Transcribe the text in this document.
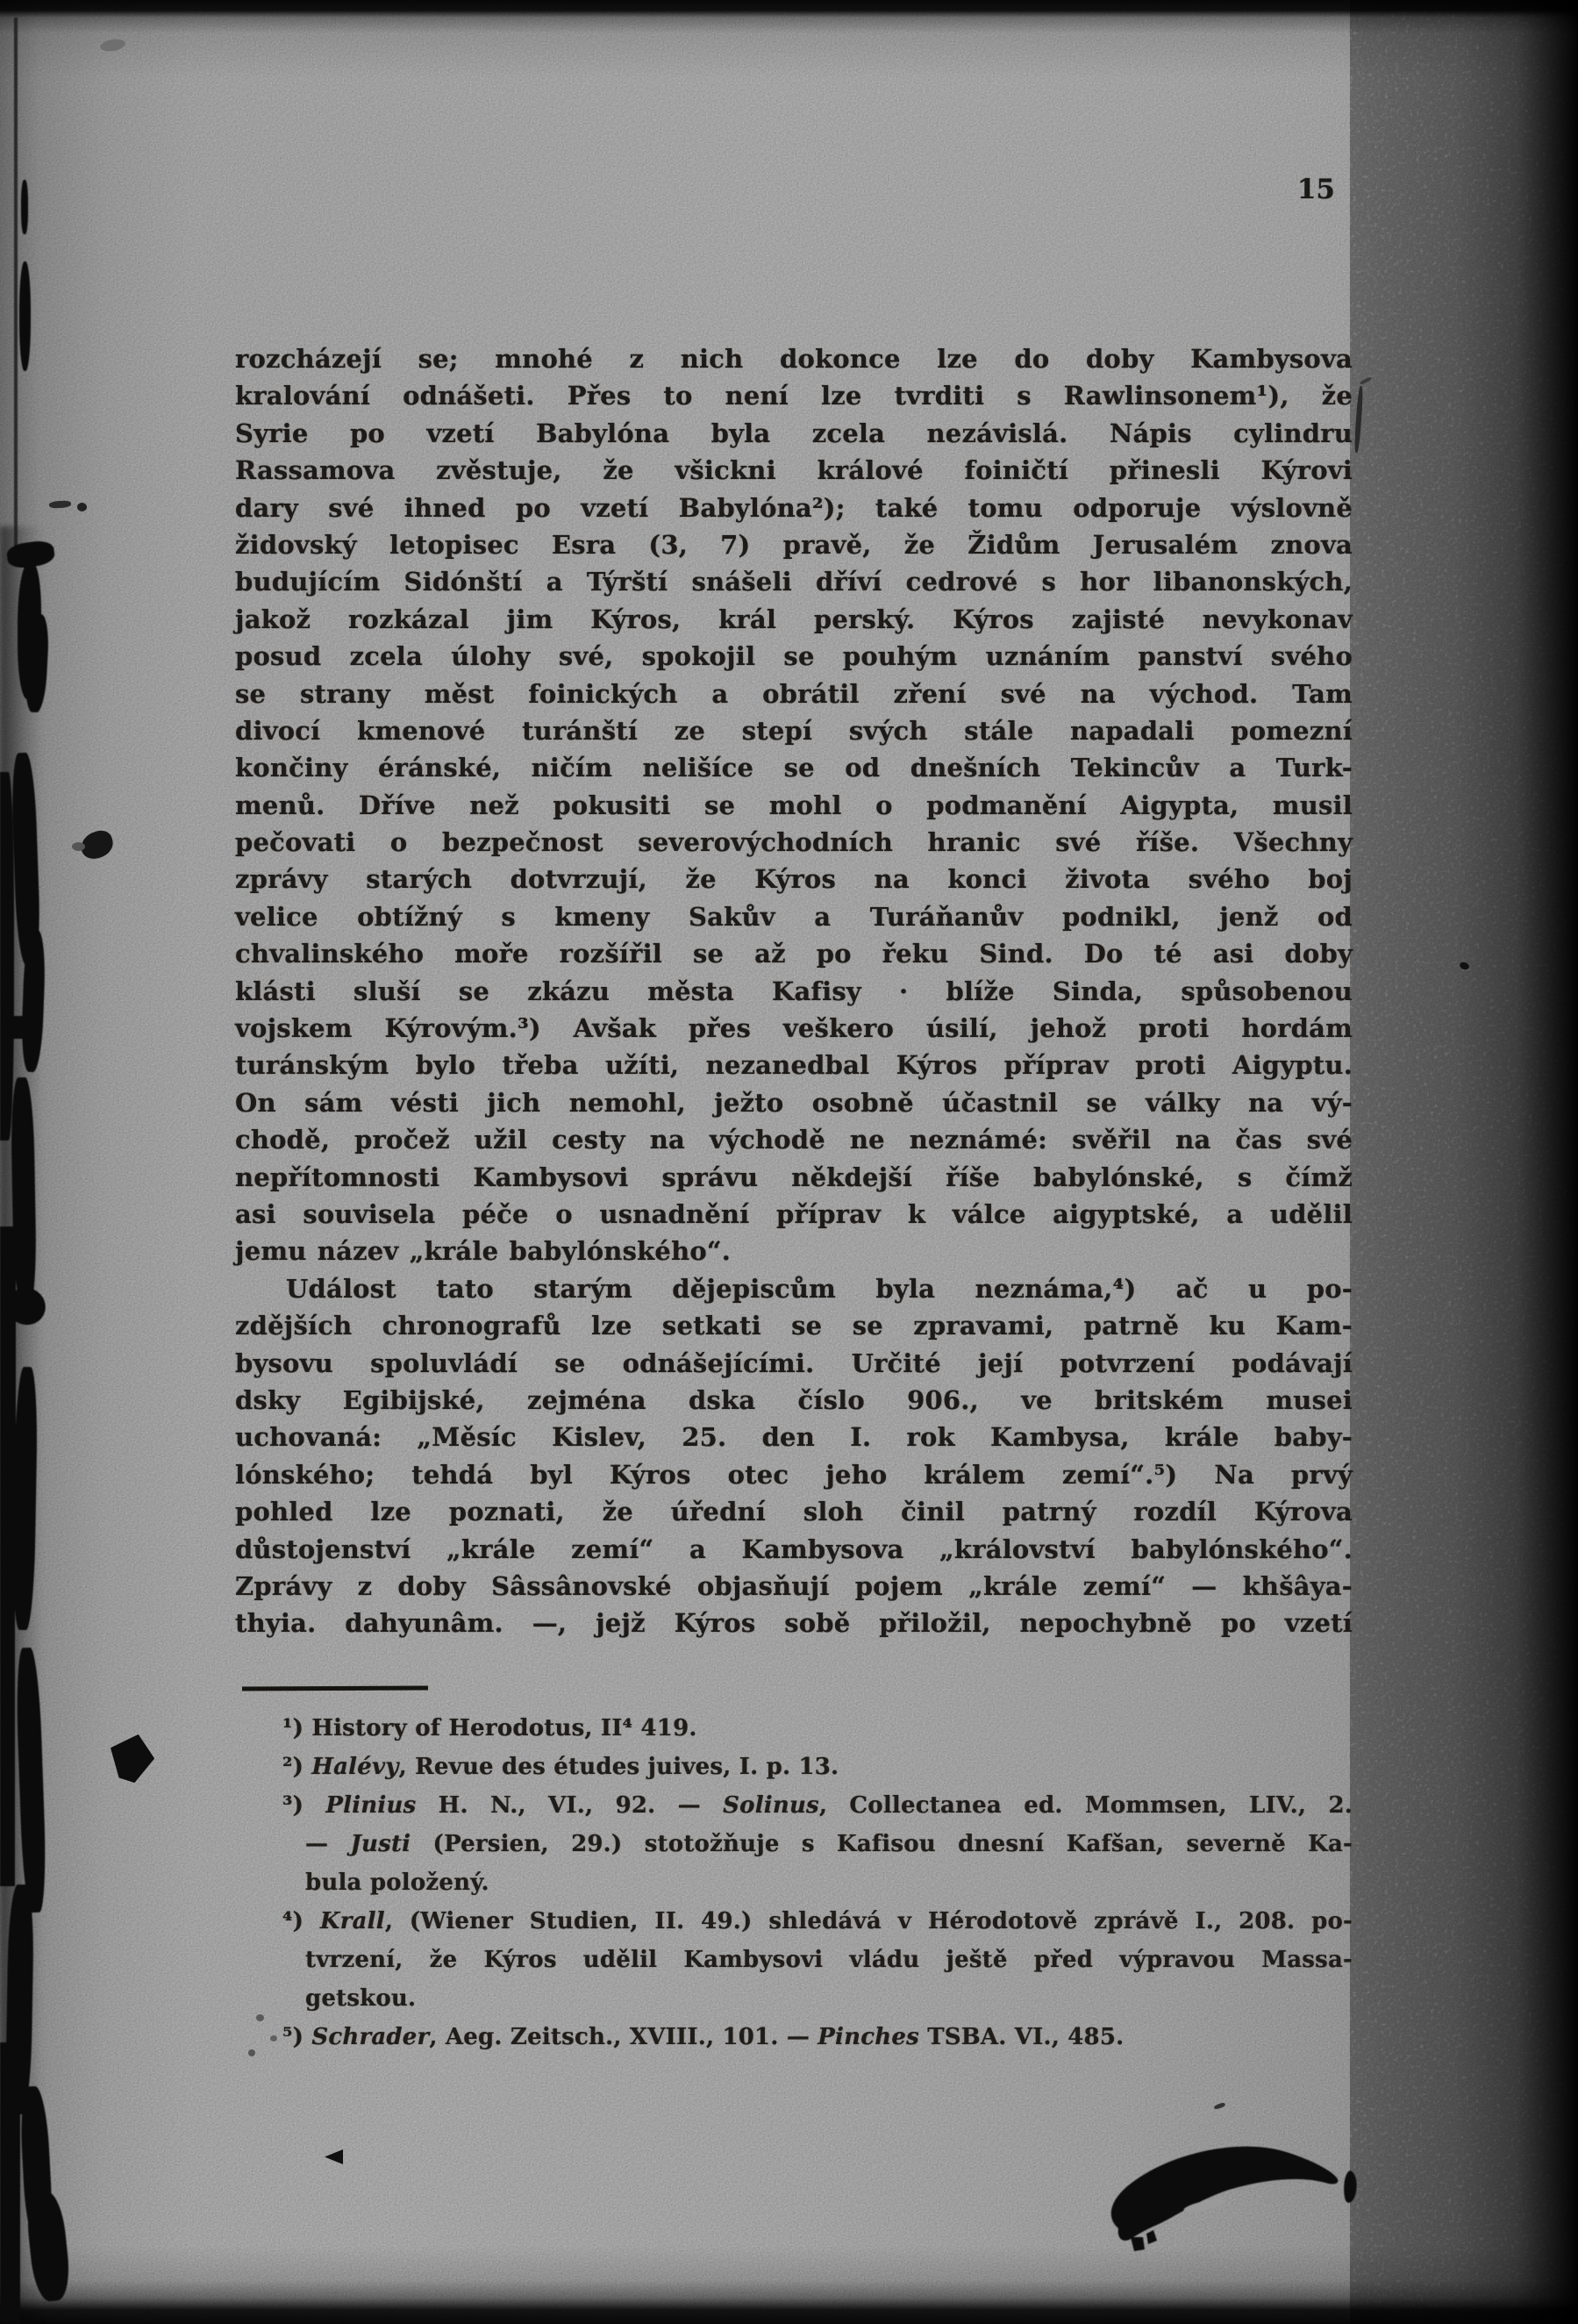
15
rozcházejí se; mnohé z nich dokonce lze do doby Kambysova
kralování odnášeti. Přes to není lze tvrditi s Rawlinsonem¹), že
Syrie po vzetí Babylóna byla zcela nezávislá. Nápis cylindru
Rassamova zvěstuje, že všickni králové foiničtí přinesli Kýrovi
dary své ihned po vzetí Babylóna²); také tomu odporuje výslovně
židovský letopisec Esra (3, 7) pravě, že Židům Jerusalém znova
budujícím Sidónští a Týrští snášeli dříví cedrové s hor libanonských,
jakož rozkázal jim Kýros, král perský. Kýros zajisté nevykonav
posud zcela úlohy své, spokojil se pouhým uznáním panství svého
se strany měst foinických a obrátil zření své na východ. Tam
divocí kmenové turánští ze stepí svých stále napadali pomezní
končiny éránské, ničím nelišíce se od dnešních Tekincův a Turk-
menů. Dříve než pokusiti se mohl o podmanění Aigypta, musil
pečovati o bezpečnost severovýchodních hranic své říše. Všechny
zprávy starých dotvrzují, že Kýros na konci života svého boj
velice obtížný s kmeny Sakův a Turáňanův podnikl, jenž od
chvalinského moře rozšířil se až po řeku Sind. Do té asi doby
klásti sluší se zkázu města Kafisy · blíže Sinda, spůsobenou
vojskem Kýrovým.³) Avšak přes veškero úsilí, jehož proti hordám
turánským bylo třeba užíti, nezanedbal Kýros příprav proti Aigyptu.
On sám vésti jich nemohl, ježto osobně účastnil se války na vý-
chodě, pročež užil cesty na východě ne neznámé: svěřil na čas své
nepřítomnosti Kambysovi správu někdejší říše babylónské, s čímž
asi souvisela péče o usnadnění příprav k válce aigyptské, a udělil
jemu název „krále babylónského“.
Událost tato starým dějepiscům byla neznáma,⁴) ač u po-
zdějších chronografů lze setkati se se zpravami, patrně ku Kam-
bysovu spoluvládí se odnášejícími. Určité její potvrzení podávají
dsky Egibijské, zejména dska číslo 906., ve britském musei
uchovaná: „Měsíc Kislev, 25. den I. rok Kambysa, krále baby-
lónského; tehdá byl Kýros otec jeho králem zemí“.⁵) Na prvý
pohled lze poznati, že úřední sloh činil patrný rozdíl Kýrova
důstojenství „krále zemí“ a Kambysova „království babylónského“.
Zprávy z doby Sâssânovské objasňují pojem „krále zemí“ — khšâya-
thyia. dahyunâm. —, jejž Kýros sobě přiložil, nepochybně po vzetí
¹) History of Herodotus, II⁴ 419.
²) Halévy, Revue des études juives, I. p. 13.
³) Plinius H. N., VI., 92. — Solinus, Collectanea ed. Mommsen, LIV., 2.
— Justi (Persien, 29.) stotožňuje s Kafisou dnesní Kafšan, severně Ka-
bula položený.
⁴) Krall, (Wiener Studien, II. 49.) shledává v Hérodotově zprávě I., 208. po-
tvrzení, že Kýros udělil Kambysovi vládu ještě před výpravou Massa-
getskou.
⁵) Schrader, Aeg. Zeitsch., XVIII., 101. — Pinches TSBA. VI., 485.
